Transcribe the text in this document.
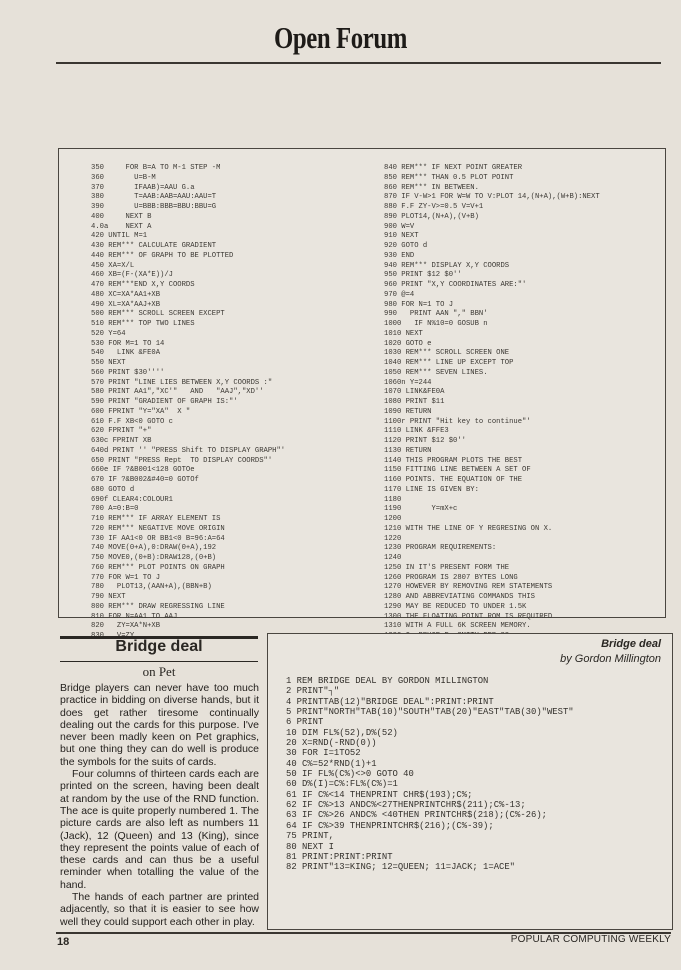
Open Forum
350     FOR B=A TO M-1 STEP -M
360       U=B-M
370       IFAAB)=AAU G.a
380       T=AAB:AAB=AAU:AAU=T
390       U=BBB:BBB=BBU:BBU=G
400     NEXT B
4.0a    NEXT A
420 UNTIL M=1
430 REM*** CALCULATE GRADIENT
440 REM*** OF GRAPH TO BE PLOTTED
450 XA=X/L
460 XB=(F-(XA*E))/J
470 REM***END X,Y COORDS
480 XC=XA*AA1+XB
490 XL=XA*AAJ+XB
500 REM*** SCROLL SCREEN EXCEPT
510 REM*** TOP TWO LINES
520 Y=64
530 FOR M=1 TO 14
540   LINK &FE0A
550 NEXT
560 PRINT $30''''
570 PRINT "LINE LIES BETWEEN X,Y COORDS :"
580 PRINT AA1","XC'"   AND   "AAJ","XD''
590 PRINT "GRADIENT OF GRAPH IS:"'
600 FPRINT "Y="XA"  X "
610 F.F XB<0 GOTO c
620 FPRINT "+"
630c FPRINT XB
640d PRINT '' "PRESS Shift TO DISPLAY GRAPH"'
650 PRINT "PRESS Rept  TO DISPLAY COORDS"'
660e IF ?&B001<128 GOTOe
670 IF ?&B002&#40=0 GOTOf
680 GOTO d
690f CLEAR4:COLOUR1
700 A=0:B=0
710 REM*** IF ARRAY ELEMENT IS
720 REM*** NEGATIVE MOVE ORIGIN
730 IF AA1<0 OR BB1<0 B=96:A=64
740 MOVE(0+A),0:DRAW(0+A),192
750 MOVE0,(0+B):DRAW128,(0+B)
760 REM*** PLOT POINTS ON GRAPH
770 FOR W=1 TO J
780   PLOT13,(AAN+A),(BBN+B)
790 NEXT
800 REM*** DRAW REGRESSING LINE
810 FOR N=AA1 TO AAJ
820   ZY=XA*N+XB
830   V=ZY
840 REM*** IF NEXT POINT GREATER
850 REM*** THAN 0.5 PLOT POINT
860 REM*** IN BETWEEN.
870 IF V-W>1 FOR W=W TO V:PLOT 14,(N+A),(W+B):NEXT
880 F.F ZY-V>=0.5 V=V+1
890 PLOT14,(N+A),(V+B)
900 W=V
910 NEXT
920 GOTO d
930 END
940 REM*** DISPLAY X,Y COORDS
950 PRINT $12 $0''
960 PRINT "X,Y COORDINATES ARE:"'
970 @=4
980 FOR N=1 TO J
990   PRINT AAN "," BBN'
1000   IF N%10=0 GOSUB n
1010 NEXT
1020 GOTO e
1030 REM*** SCROLL SCREEN ONE
1040 REM*** LINE UP EXCEPT TOP
1050 REM*** SEVEN LINES.
1060n Y=244
1070 LINK&FE0A
1080 PRINT $11
1090 RETURN
1100r PRINT "Hit key to continue"'
1110 LINK &FFE3
1120 PRINT $12 $0''
1130 RETURN
1140 THIS PROGRAM PLOTS THE BEST
1150 FITTING LINE BETWEEN A SET OF
1160 POINTS. THE EQUATION OF THE
1170 LINE IS GIVEN BY:
1180
1190       Y=mX+c
1200
1210 WITH THE LINE OF Y REGRESING ON X.
1220
1230 PROGRAM REQUIREMENTS:
1240
1250 IN IT'S PRESENT FORM THE
1260 PROGRAM IS 2807 BYTES LONG
1270 HOWEVER BY REMOVING REM STATEMENTS
1280 AND ABBREVIATING COMMANDS THIS
1290 MAY BE REDUCED TO UNDER 1.5K
1300 THE FLOATING POINT ROM IS REQUIRED
1310 WITH A FULL 6K SCREEN MEMORY.
Bridge deal
on Pet

Bridge players can never have too much practice in bidding on diverse hands, but it does get rather tiresome continually dealing out the cards for this purpose. I've never been madly keen on Pet graphics, but one thing they can do well is produce the symbols for the suits of cards.

Four columns of thirteen cards each are printed on the screen, having been dealt at random by the use of the RND function. The ace is quite properly numbered 1. The picture cards are also left as numbers 11 (Jack), 12 (Queen) and 13 (King), since they represent the points value of each of these cards and can thus be a useful reminder when totalling the value of the hand.

The hands of each partner are printed adjacently, so that it is easier to see how well they could support each other in play.

Bridge deal
by Gordon Millington
1 REM BRIDGE DEAL BY GORDON MILLINGTON
2 PRINT"┐"
4 PRINTTAB(12)"BRIDGE DEAL":PRINT:PRINT
5 PRINT"NORTH"TAB(10)"SOUTH"TAB(20)"EAST"TAB(30)"WEST"
6 PRINT
10 DIM FL%(52),D%(52)
20 X=RND(-RND(0))
30 FOR I=1TO52
40 C%=52*RND(1)+1
50 IF FL%(C%)<>0 GOTO 40
60 D%(I)=C%:FL%(C%)=1
61 IF C%<14 THENPRINT CHR$(193);C%;
62 IF C%>13 ANDC%<27THENPRINTCHR$(211);C%-13;
63 IF C%>26 ANDC% <40THEN PRINTCHR$(218);(C%-26);
64 IF C%>39 THENPRINTCHR$(216);(C%-39);
75 PRINT,
80 NEXT I
81 PRINT:PRINT:PRINT
82 PRINT"13=KING; 12=QUEEN; 11=JACK; 1=ACE"
18	POPULAR COMPUTING WEEKLY
